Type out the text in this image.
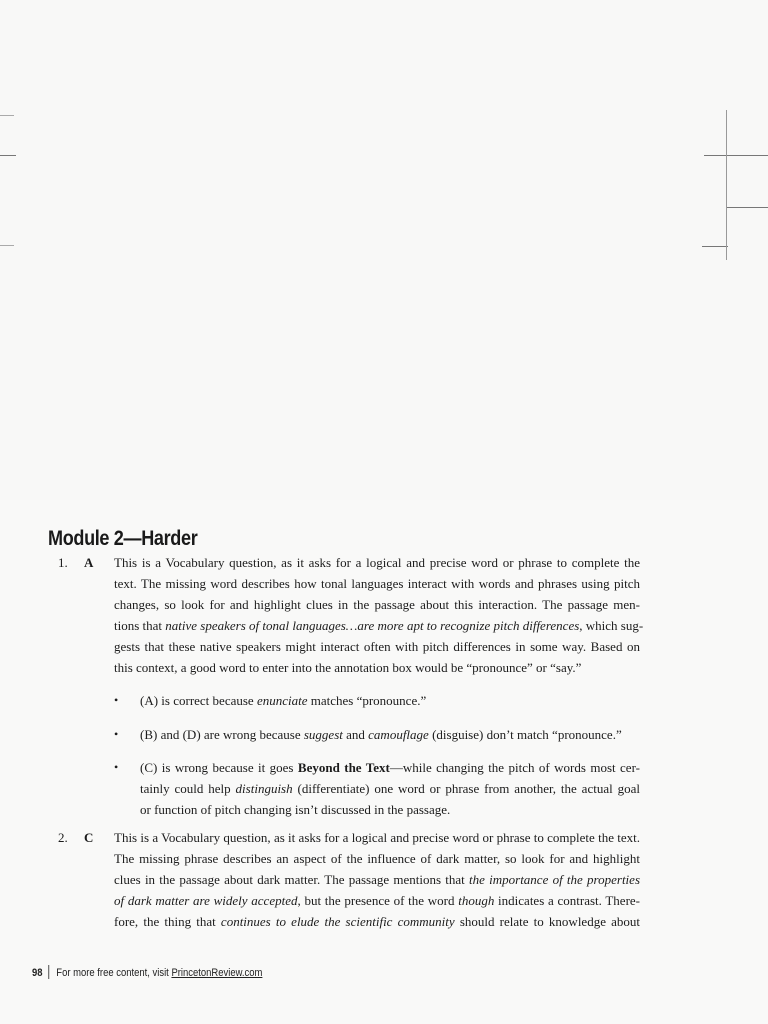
Module 2—Harder
1. A This is a Vocabulary question, as it asks for a logical and precise word or phrase to complete the
text. The missing word describes how tonal languages interact with words and phrases using pitch
changes, so look for and highlight clues in the passage about this interaction. The passage men-
tions that native speakers of tonal languages…are more apt to recognize pitch differences, which sug-
gests that these native speakers might interact often with pitch differences in some way. Based on
this context, a good word to enter into the annotation box would be “pronounce” or “say.”
• (A) is correct because enunciate matches “pronounce.”
• (B) and (D) are wrong because suggest and camouflage (disguise) don’t match “pronounce.”
• (C) is wrong because it goes Beyond the Text—while changing the pitch of words most cer-
tainly could help distinguish (differentiate) one word or phrase from another, the actual goal
or function of pitch changing isn’t discussed in the passage.
2. C This is a Vocabulary question, as it asks for a logical and precise word or phrase to complete the text.
The missing phrase describes an aspect of the influence of dark matter, so look for and highlight
clues in the passage about dark matter. The passage mentions that the importance of the properties
of dark matter are widely accepted, but the presence of the word though indicates a contrast. There-
fore, the thing that continues to elude the scientific community should relate to knowledge about
98 For more free content, visit PrincetonReview.com
